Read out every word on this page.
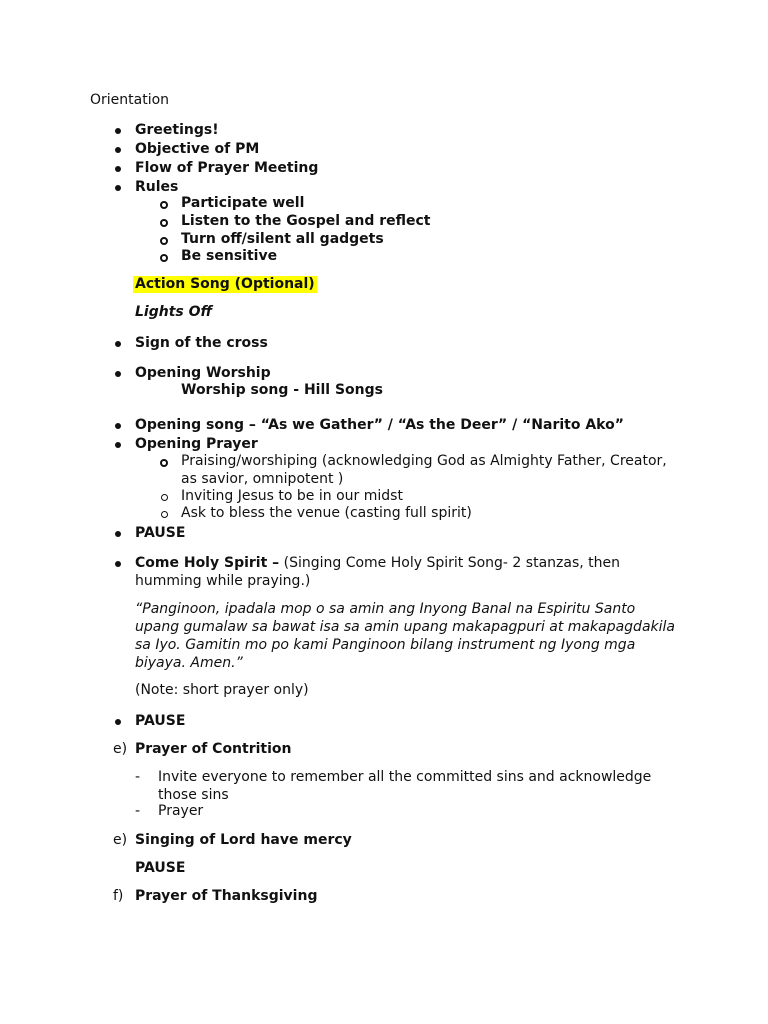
Orientation
Greetings!
Objective of PM
Flow of Prayer Meeting
Rules
Participate well
Listen to the Gospel and reflect
Turn off/silent all gadgets
Be sensitive
Action Song (Optional)
Lights Off
Sign of the cross
Opening Worship
Worship song - Hill Songs
Opening song – “As we Gather” / “As the Deer” / “Narito Ako”
Opening Prayer
Praising/worshiping (acknowledging God as Almighty Father, Creator,
as savior, omnipotent )
Inviting Jesus to be in our midst
Ask to bless the venue (casting full spirit)
PAUSE
Come Holy Spirit – (Singing Come Holy Spirit Song- 2 stanzas, then
humming while praying.)
“Panginoon, ipadala mop o sa amin ang Inyong Banal na Espiritu Santo
upang gumalaw sa bawat isa sa amin upang makapagpuri at makapagdakila
sa Iyo. Gamitin mo po kami Panginoon bilang instrument ng Iyong mga
biyaya. Amen.”
(Note: short prayer only)
PAUSE
e) Prayer of Contrition
- Invite everyone to remember all the committed sins and acknowledge
those sins
- Prayer
e) Singing of Lord have mercy
PAUSE
f) Prayer of Thanksgiving
